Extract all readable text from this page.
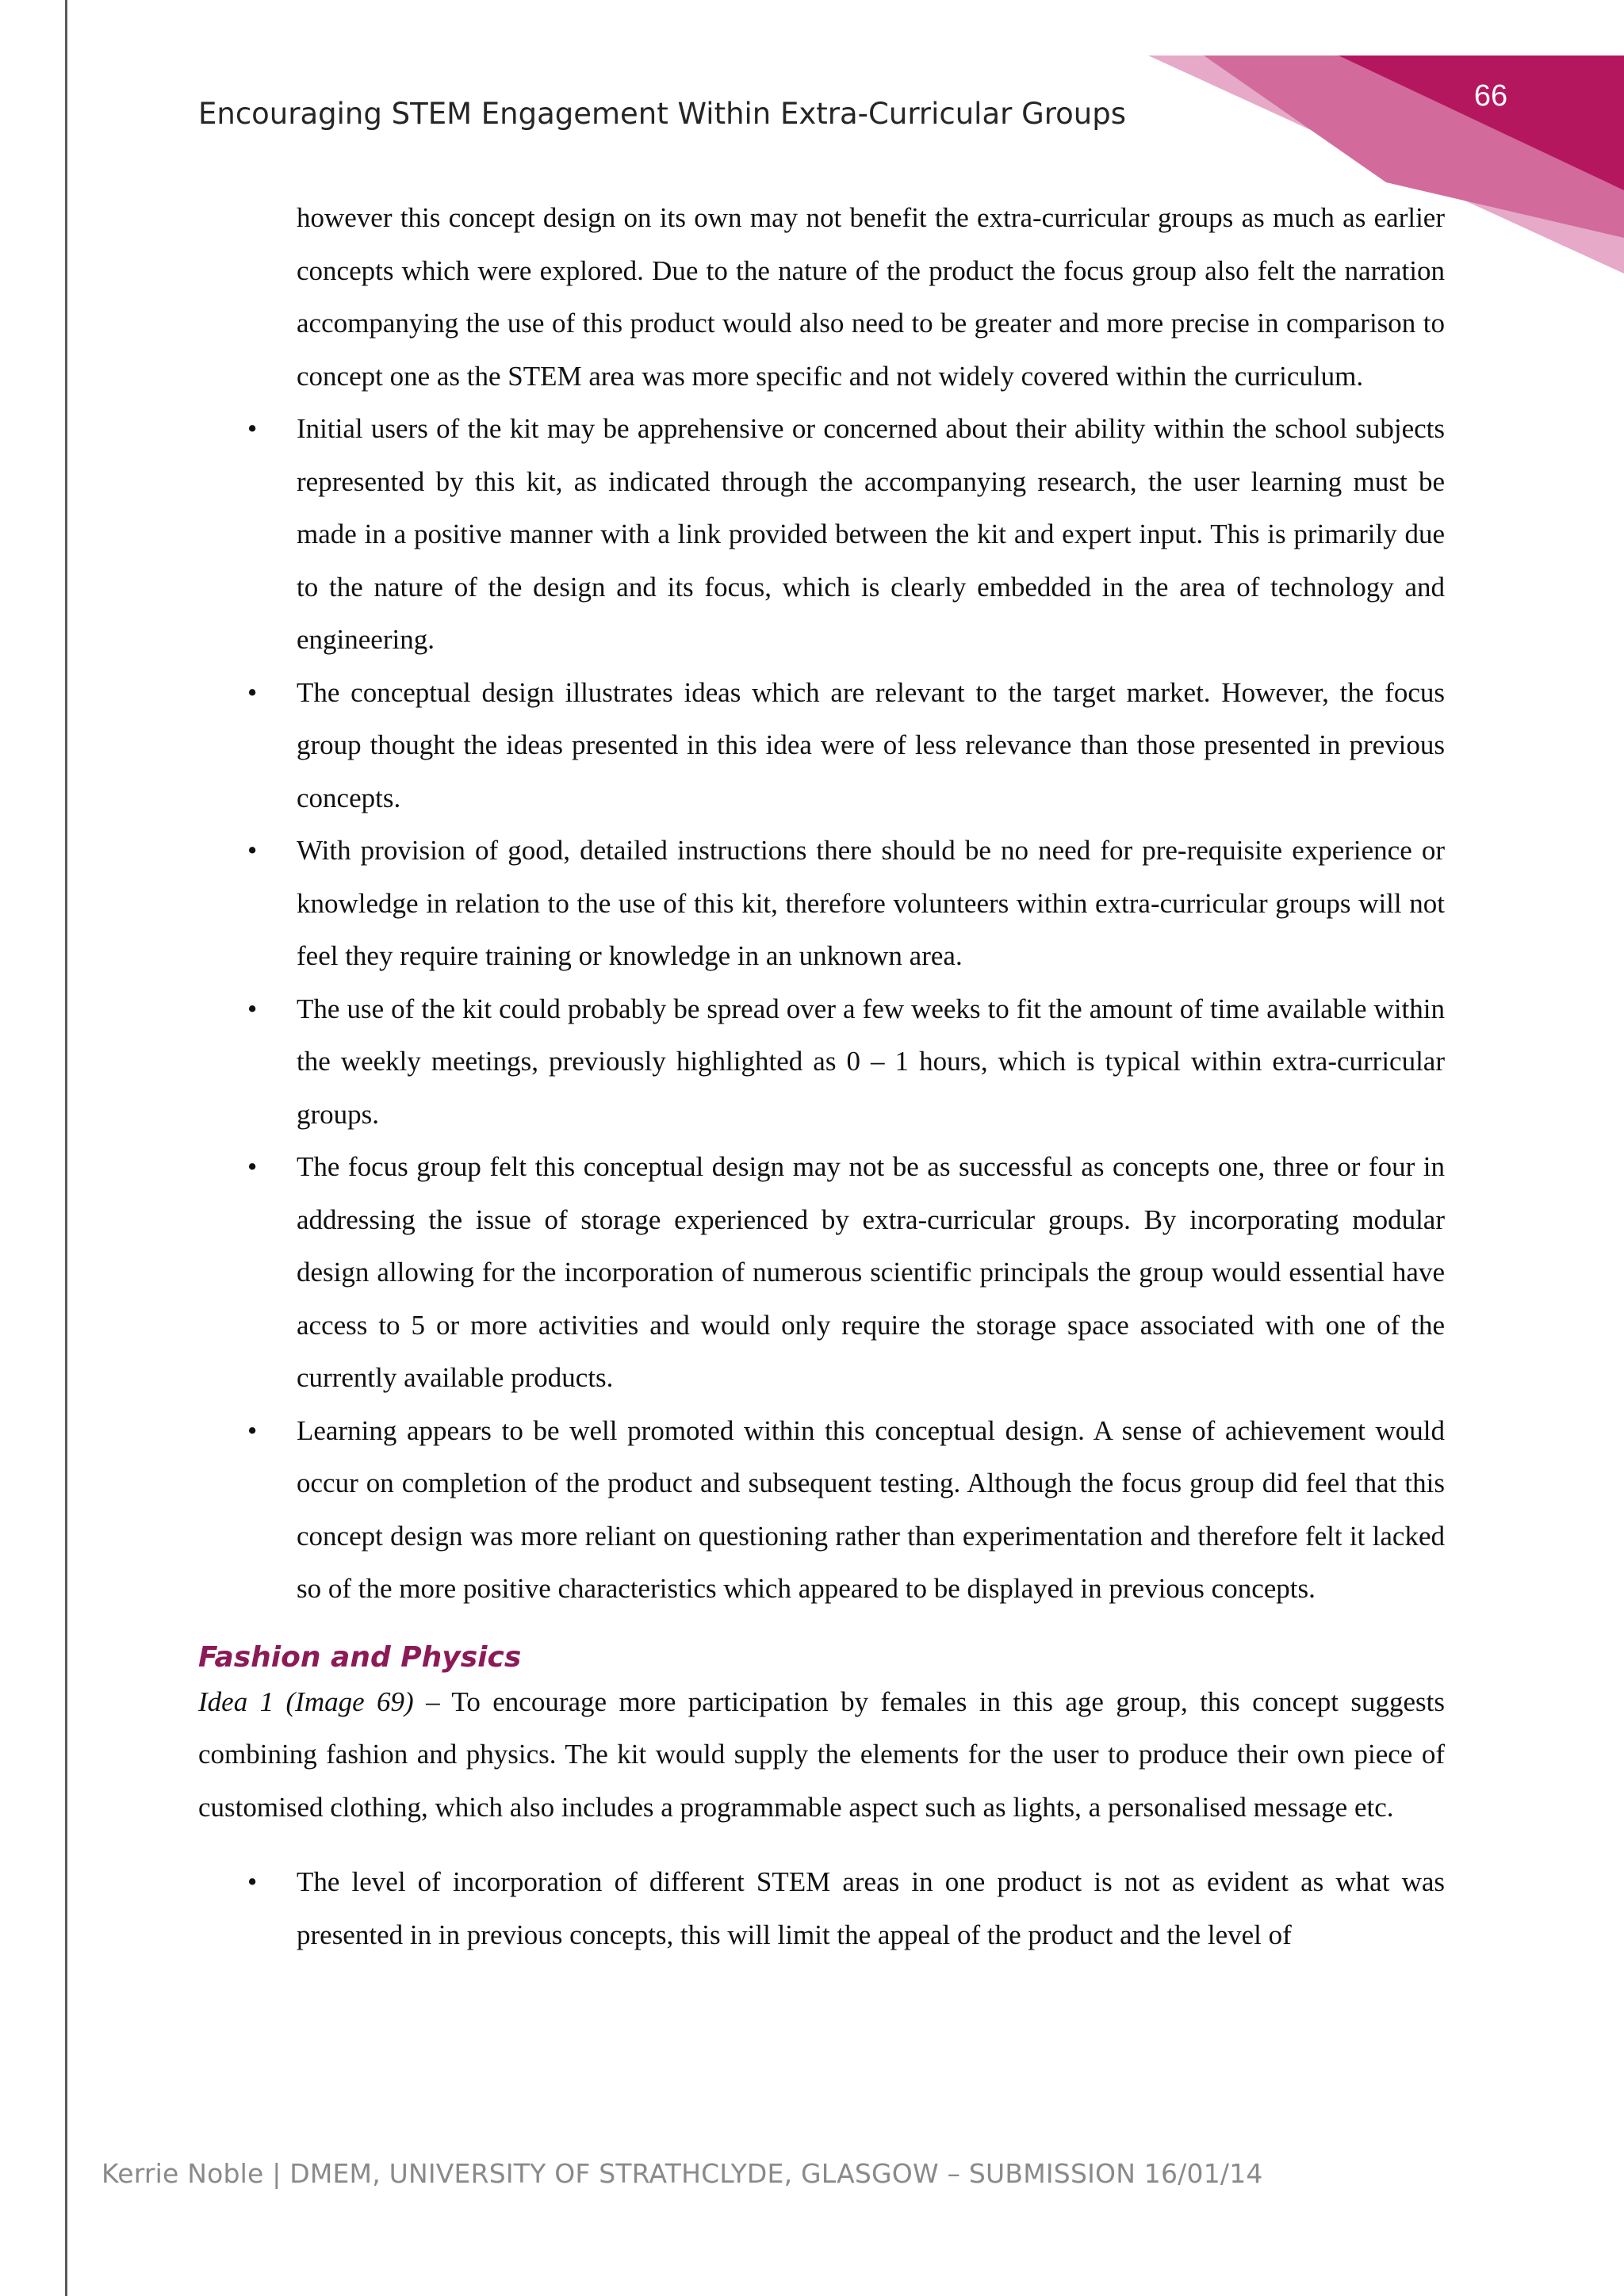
66
Encouraging STEM Engagement Within Extra-Curricular Groups

however this concept design on its own may not benefit the extra-curricular groups as much as earlier concepts which were explored. Due to the nature of the product the focus group also felt the narration accompanying the use of this product would also need to be greater and more precise in comparison to concept one as the STEM area was more specific and not widely covered within the curriculum.

• Initial users of the kit may be apprehensive or concerned about their ability within the school subjects represented by this kit, as indicated through the accompanying research, the user learning must be made in a positive manner with a link provided between the kit and expert input. This is primarily due to the nature of the design and its focus, which is clearly embedded in the area of technology and engineering.
• The conceptual design illustrates ideas which are relevant to the target market. However, the focus group thought the ideas presented in this idea were of less relevance than those presented in previous concepts.
• With provision of good, detailed instructions there should be no need for pre-requisite experience or knowledge in relation to the use of this kit, therefore volunteers within extra-curricular groups will not feel they require training or knowledge in an unknown area.
• The use of the kit could probably be spread over a few weeks to fit the amount of time available within the weekly meetings, previously highlighted as 0 – 1 hours, which is typical within extra-curricular groups.
• The focus group felt this conceptual design may not be as successful as concepts one, three or four in addressing the issue of storage experienced by extra-curricular groups. By incorporating modular design allowing for the incorporation of numerous scientific principals the group would essential have access to 5 or more activities and would only require the storage space associated with one of the currently available products.
• Learning appears to be well promoted within this conceptual design. A sense of achievement would occur on completion of the product and subsequent testing. Although the focus group did feel that this concept design was more reliant on questioning rather than experimentation and therefore felt it lacked so of the more positive characteristics which appeared to be displayed in previous concepts.
Fashion and Physics

Idea 1 (Image 69) – To encourage more participation by females in this age group, this concept suggests combining fashion and physics. The kit would supply the elements for the user to produce their own piece of customised clothing, which also includes a programmable aspect such as lights, a personalised message etc.

• The level of incorporation of different STEM areas in one product is not as evident as what was presented in in previous concepts, this will limit the appeal of the product and the level of
Kerrie Noble | DMEM, UNIVERSITY OF STRATHCLYDE, GLASGOW – SUBMISSION 16/01/14
